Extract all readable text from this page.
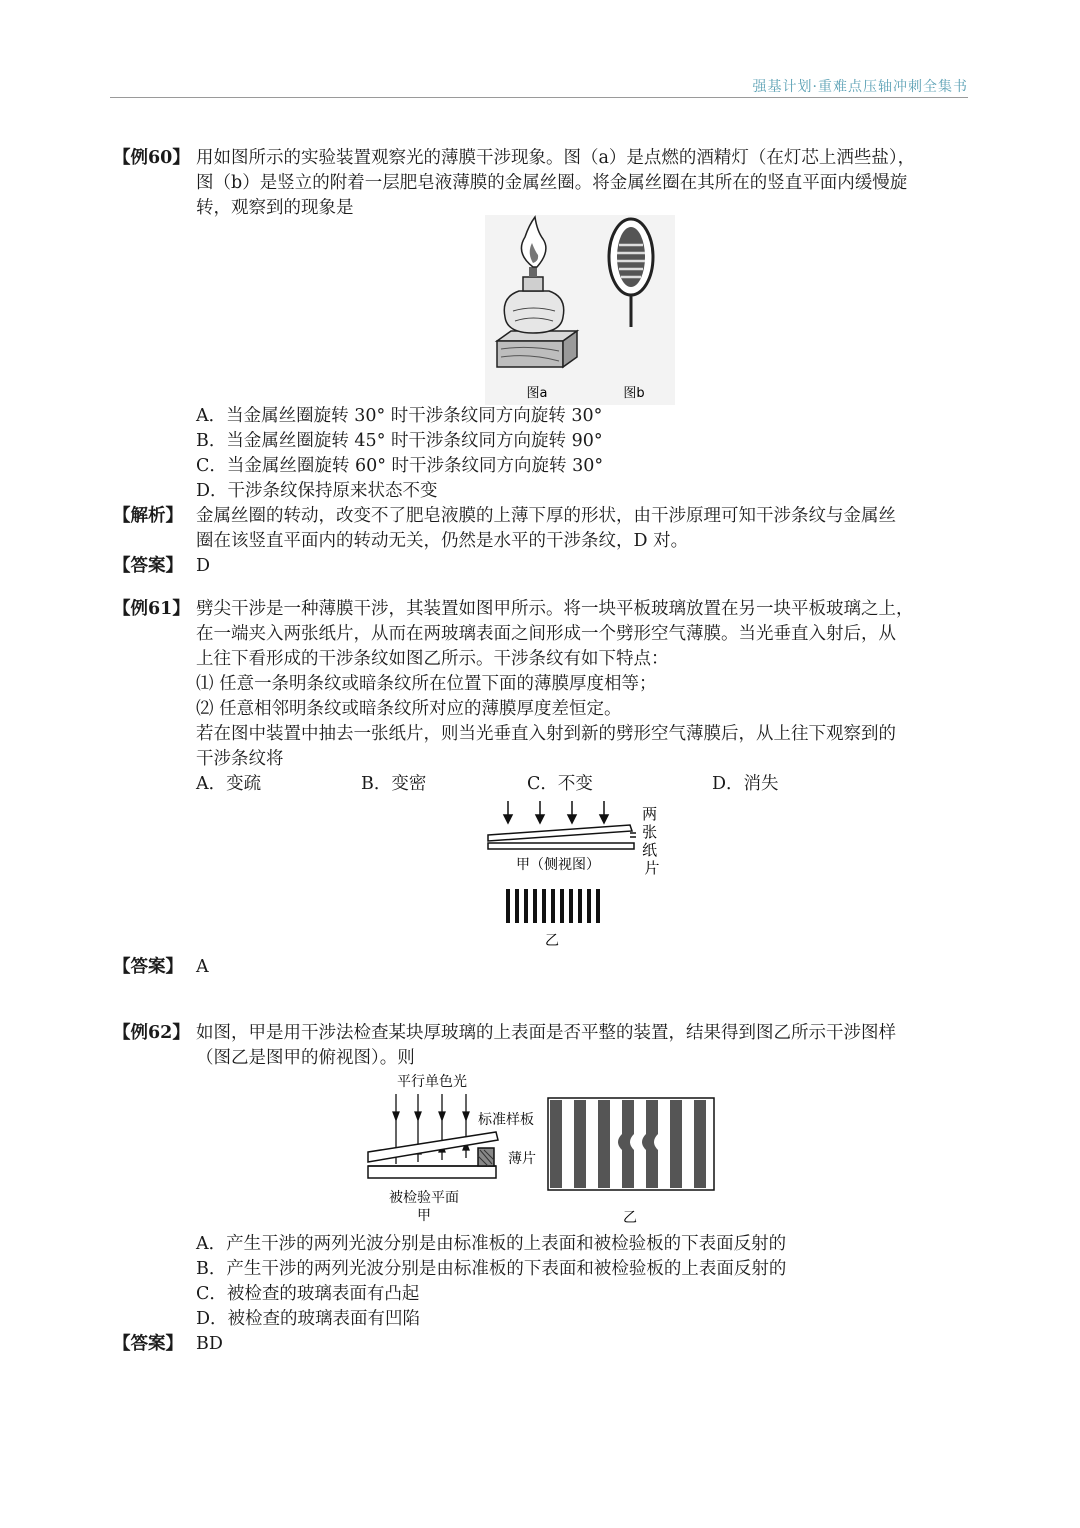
强基计划·重难点压轴冲刺全集书
【例60】 用如图所示的实验装置观察光的薄膜干涉现象。图（a）是点燃的酒精灯（在灯芯上洒些盐），
图（b）是竖立的附着一层肥皂液薄膜的金属丝圈。将金属丝圈在其所在的竖直平面内缓慢旋
转，观察到的现象是
图a	图b
A．当金属丝圈旋转 30° 时干涉条纹同方向旋转 30°
B．当金属丝圈旋转 45° 时干涉条纹同方向旋转 90°
C．当金属丝圈旋转 60° 时干涉条纹同方向旋转 30°
D．干涉条纹保持原来状态不变
【解析】 金属丝圈的转动，改变不了肥皂液膜的上薄下厚的形状，由干涉原理可知干涉条纹与金属丝
圈在该竖直平面内的转动无关，仍然是水平的干涉条纹，D 对。
【答案】 D
【例61】 劈尖干涉是一种薄膜干涉，其装置如图甲所示。将一块平板玻璃放置在另一块平板玻璃之上，
在一端夹入两张纸片，从而在两玻璃表面之间形成一个劈形空气薄膜。当光垂直入射后，从
上往下看形成的干涉条纹如图乙所示。干涉条纹有如下特点：
⑴ 任意一条明条纹或暗条纹所在位置下面的薄膜厚度相等；
⑵ 任意相邻明条纹或暗条纹所对应的薄膜厚度差恒定。
若在图中装置中抽去一张纸片，则当光垂直入射到新的劈形空气薄膜后，从上往下观察到的
干涉条纹将
A．变疏	B．变密	C．不变	D．消失
两 张 纸 片
甲（侧视图）
乙
【答案】 A
【例62】 如图，甲是用干涉法检查某块厚玻璃的上表面是否平整的装置，结果得到图乙所示干涉图样
（图乙是图甲的俯视图）。则
平行单色光
标准样板
薄片
被检验平面
甲	乙
A．产生干涉的两列光波分别是由标准板的上表面和被检验板的下表面反射的
B．产生干涉的两列光波分别是由标准板的下表面和被检验板的上表面反射的
C．被检查的玻璃表面有凸起
D．被检查的玻璃表面有凹陷
【答案】 BD
